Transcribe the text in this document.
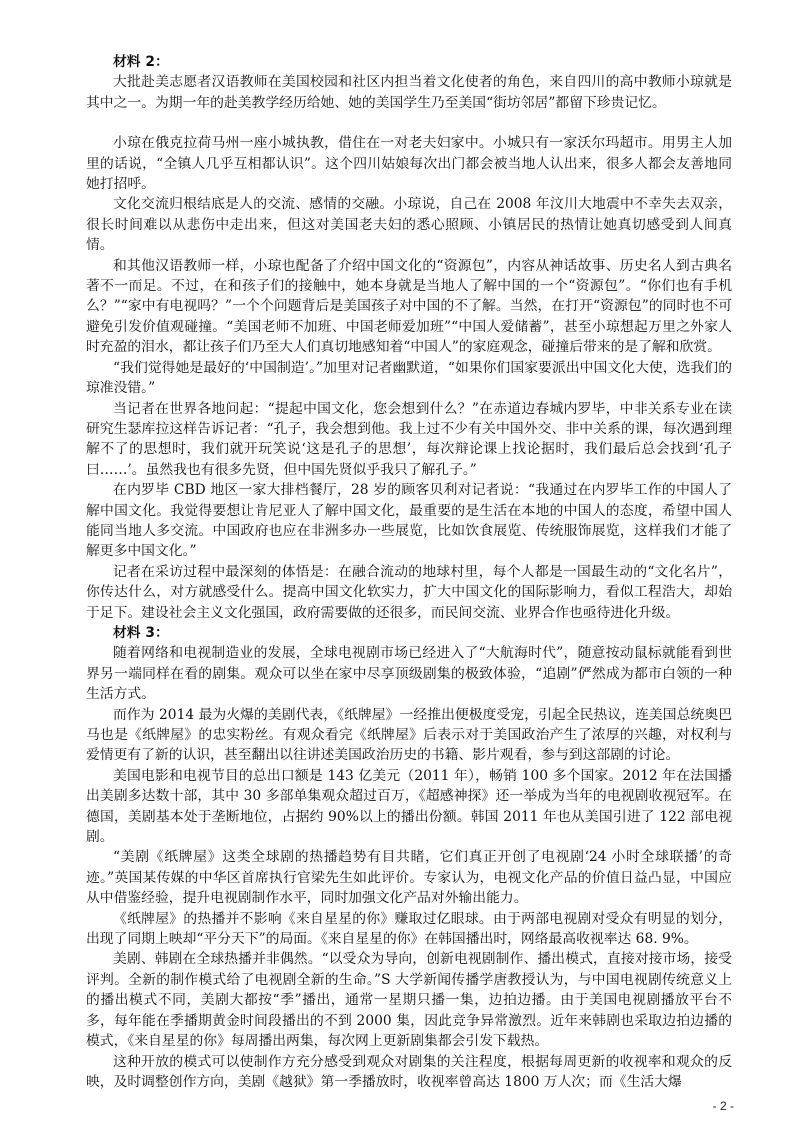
材料 2：

大批赴美志愿者汉语教师在美国校园和社区内担当着文化使者的角色，来自四川的高中教师小琼就是其中之一。为期一年的赴美教学经历给她、她的美国学生乃至美国“街坊邻居”都留下珍贵记忆。

小琼在俄克拉荷马州一座小城执教，借住在一对老夫妇家中。小城只有一家沃尔玛超市。用男主人加里的话说，“全镇人几乎互相都认识”。这个四川姑娘每次出门都会被当地人认出来，很多人都会友善地同她打招呼。

文化交流归根结底是人的交流、感情的交融。小琼说，自己在 2008 年汶川大地震中不幸失去双亲，很长时间难以从悲伤中走出来，但这对美国老夫妇的悉心照顾、小镇居民的热情让她真切感受到人间真情。

和其他汉语教师一样，小琼也配备了介绍中国文化的“资源包”，内容从神话故事、历史名人到古典名著不一而足。不过，在和孩子们的接触中，她本身就是当地人了解中国的一个“资源包”。“你们也有手机么？”“家中有电视吗？”一个个问题背后是美国孩子对中国的不了解。当然，在打开“资源包”的同时也不可避免引发价值观碰撞。“美国老师不加班、中国老师爱加班”“中国人爱储蓄”，甚至小琼想起万里之外家人时充盈的泪水，都让孩子们乃至大人们真切地感知着“中国人”的家庭观念，碰撞后带来的是了解和欣赏。

“我们觉得她是最好的‘中国制造’。”加里对记者幽默道，“如果你们国家要派出中国文化大使，选我们的琼准没错。”

当记者在世界各地问起：“提起中国文化，您会想到什么？”在赤道边春城内罗毕，中非关系专业在读研究生瑟库拉这样告诉记者：“孔子，我会想到他。我上过不少有关中国外交、非中关系的课，每次遇到理解不了的思想时，我们就开玩笑说‘这是孔子的思想’，每次辩论课上找论据时，我们最后总会找到‘孔子曰……’。虽然我也有很多先贤，但中国先贤似乎我只了解孔子。”

在内罗毕 CBD 地区一家大排档餐厅，28 岁的顾客贝利对记者说：“我通过在内罗毕工作的中国人了解中国文化。我觉得要想让肯尼亚人了解中国文化，最重要的是生活在本地的中国人的态度，希望中国人能同当地人多交流。中国政府也应在非洲多办一些展览，比如饮食展览、传统服饰展览，这样我们才能了解更多中国文化。”

记者在采访过程中最深刻的体悟是：在融合流动的地球村里，每个人都是一国最生动的“文化名片”，你传达什么，对方就感受什么。提高中国文化软实力，扩大中国文化的国际影响力，看似工程浩大，却始于足下。建设社会主义文化强国，政府需要做的还很多，而民间交流、业界合作也亟待进化升级。

材料 3：

随着网络和电视制造业的发展，全球电视剧市场已经进入了“大航海时代”，随意按动鼠标就能看到世界另一端同样在看的剧集。观众可以坐在家中尽享顶级剧集的极致体验，“追剧”俨然成为都市白领的一种生活方式。

而作为 2014 最为火爆的美剧代表，《纸牌屋》一经推出便极度受宠，引起全民热议，连美国总统奥巴马也是《纸牌屋》的忠实粉丝。有观众看完《纸牌屋》后表示对于美国政治产生了浓厚的兴趣，对权利与爱情更有了新的认识，甚至翻出以往讲述美国政治历史的书籍、影片观看，参与到这部剧的讨论。

美国电影和电视节目的总出口额是 143 亿美元（2011 年），畅销 100 多个国家。2012 年在法国播出美剧多达数十部，其中 30 多部单集观众超过百万，《超感神探》还一举成为当年的电视剧收视冠军。在德国，美剧基本处于垄断地位，占据约 90%以上的播出份额。韩国 2011 年也从美国引进了 122 部电视剧。

“美剧《纸牌屋》这类全球剧的热播趋势有目共睹，它们真正开创了电视剧‘24 小时全球联播’的奇迹。”英国某传媒的中华区首席执行官梁先生如此评价。专家认为，电视文化产品的价值日益凸显，中国应从中借鉴经验，提升电视剧制作水平，同时加强文化产品对外输出能力。

《纸牌屋》的热播并不影响《来自星星的你》赚取过亿眼球。由于两部电视剧对受众有明显的划分，出现了同期上映却“平分天下”的局面。《来自星星的你》在韩国播出时，网络最高收视率达 68. 9%。

美剧、韩剧在全球热播并非偶然。“以受众为导向，创新电视剧制作、播出模式，直接对接市场，接受评判。全新的制作模式给了电视剧全新的生命。”S 大学新闻传播学唐教授认为，与中国电视剧传统意义上的播出模式不同，美剧大都按“季”播出，通常一星期只播一集，边拍边播。由于美国电视剧播放平台不多，每年能在季播期黄金时间段播出的不到 2000 集，因此竞争异常激烈。近年来韩剧也采取边拍边播的模式，《来自星星的你》每周播出两集，每次网上更新剧集都会引发下载热。

这种开放的模式可以使制作方充分感受到观众对剧集的关注程度，根据每周更新的收视率和观众的反映，及时调整创作方向，美剧《越狱》第一季播放时，收视率曾高达 1800 万人次；而《生活大爆

- 2 -
